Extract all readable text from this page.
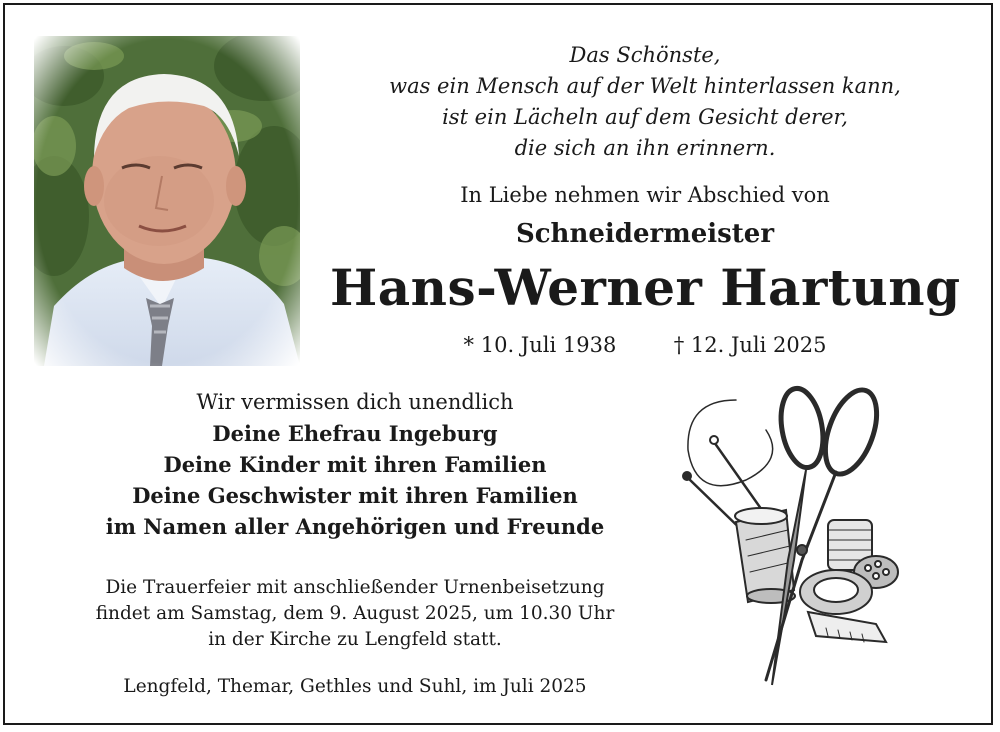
Das Schönste,
was ein Mensch auf der Welt hinterlassen kann,
ist ein Lächeln auf dem Gesicht derer,
die sich an ihn erinnern.
In Liebe nehmen wir Abschied von
Schneidermeister
Hans-Werner Hartung
* 10. Juli 1938	† 12. Juli 2025
Wir vermissen dich unendlich
Deine Ehefrau Ingeburg
Deine Kinder mit ihren Familien
Deine Geschwister mit ihren Familien
im Namen aller Angehörigen und Freunde
Die Trauerfeier mit anschließender Urnenbeisetzung
findet am Samstag, dem 9. August 2025, um 10.30 Uhr
in der Kirche zu Lengfeld statt.
Lengfeld, Themar, Gethles und Suhl, im Juli 2025
